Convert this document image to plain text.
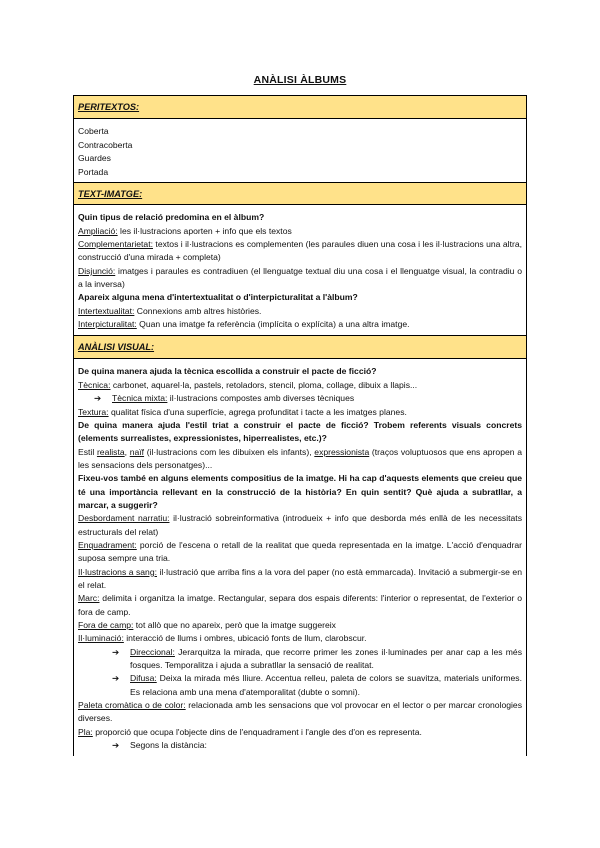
ANÀLISI ÀLBUMS
PERITEXTOS:
Coberta
Contracoberta
Guardes
Portada
TEXT-IMATGE:

Quin tipus de relació predomina en el àlbum?

Ampliació: les il·lustracions aporten + info que els textos

Complementarietat: textos i il·lustracions es complementen (les paraules diuen una cosa i les il·lustracions una altra, construcció d'una mirada + completa)

Disjunció: imatges i paraules es contradiuen (el llenguatge textual diu una cosa i el llenguatge visual, la contradiu o a la inversa)

Apareix alguna mena d'intertextualitat o d'interpicturalitat a l'àlbum?

Intertextualitat: Connexions amb altres històries.

Interpicturalitat: Quan una imatge fa referència (implícita o explícita) a una altra imatge.

ANÀLISI VISUAL:

De quina manera ajuda la tècnica escollida a construir el pacte de ficció?

Tècnica: carbonet, aquarel·la, pastels, retoladors, stencil, ploma, collage, dibuix a llapis...

➔	Tècnica mixta: il·lustracions compostes amb diverses tècniques

Textura: qualitat física d'una superfície, agrega profunditat i tacte a les imatges planes.

De quina manera ajuda l'estil triat a construir el pacte de ficció? Trobem referents visuals concrets (elements surrealistes, expressionistes, hiperrealistes, etc.)?

Estil realista, naïf (il·lustracions com les dibuixen els infants), expressionista (traços voluptuosos que ens apropen a les sensacions dels personatges)...

Fixeu-vos també en alguns elements compositius de la imatge. Hi ha cap d'aquests elements que creieu que té una importància rellevant en la construcció de la història? En quin sentit? Què ajuda a subratllar, a marcar, a suggerir?

Desbordament narratiu: il·lustració sobreinformativa (introdueix + info que desborda més enllà de les necessitats estructurals del relat)

Enquadrament: porció de l'escena o retall de la realitat que queda representada en la imatge. L'acció d'enquadrar suposa sempre una tria.

Il·lustracions a sang: il·lustració que arriba fins a la vora del paper (no està emmarcada). Invitació a submergir-se en el relat.

Marc: delimita i organitza la imatge. Rectangular, separa dos espais diferents: l'interior o representat, de l'exterior o fora de camp.

Fora de camp: tot allò que no apareix, però que la imatge suggereix

Il·luminació: interacció de llums i ombres, ubicació fonts de llum, clarobscur.

➔	Direccional: Jerarquitza la mirada, que recorre primer les zones il·luminades per anar cap a les més fosques. Temporalitza i ajuda a subratllar la sensació de realitat.
➔	Difusa: Deixa la mirada més lliure. Accentua relleu, paleta de colors se suavitza, materials uniformes. Es relaciona amb una mena d'atemporalitat (dubte o somni).

Paleta cromàtica o de color: relacionada amb les sensacions que vol provocar en el lector o per marcar cronologies diverses.

Pla: proporció que ocupa l'objecte dins de l'enquadrament i l'angle des d'on es representa.

➔	Segons la distància:
